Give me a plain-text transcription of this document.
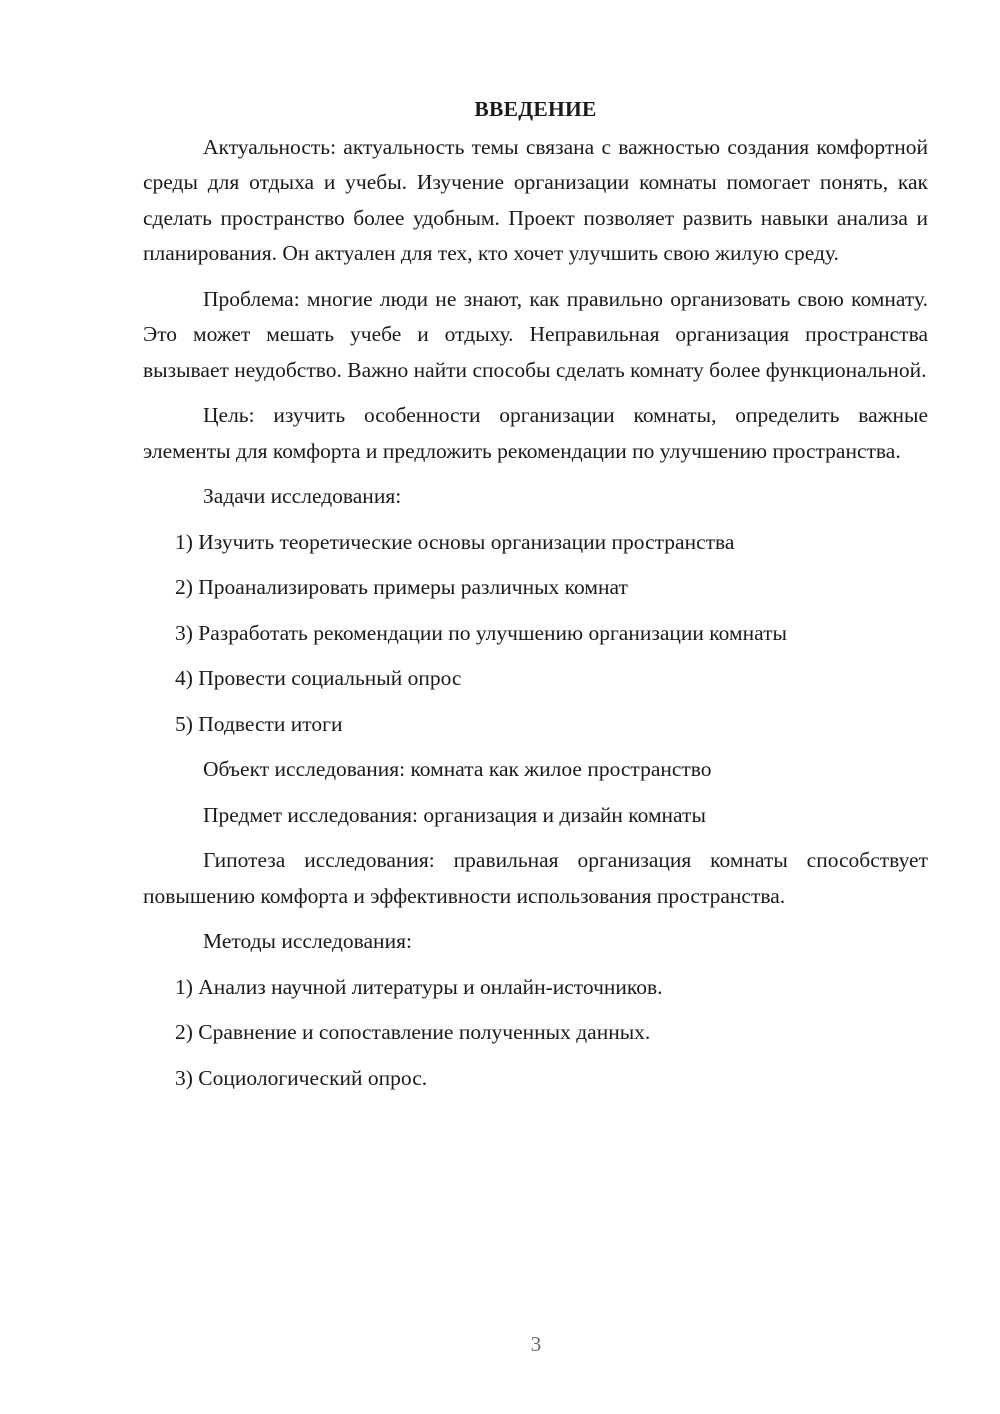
ВВЕДЕНИЕ

Актуальность: актуальность темы связана с важностью создания комфортной среды для отдыха и учебы. Изучение организации комнаты помогает понять, как сделать пространство более удобным. Проект позволяет развить навыки анализа и планирования. Он актуален для тех, кто хочет улучшить свою жилую среду.

Проблема: многие люди не знают, как правильно организовать свою комнату. Это может мешать учебе и отдыху. Неправильная организация пространства вызывает неудобство. Важно найти способы сделать комнату более функциональной.

Цель: изучить особенности организации комнаты, определить важные элементы для комфорта и предложить рекомендации по улучшению пространства.

Задачи исследования:
1) Изучить теоретические основы организации пространства
2) Проанализировать примеры различных комнат
3) Разработать рекомендации по улучшению организации комнаты
4) Провести социальный опрос
5) Подвести итоги
Объект исследования: комната как жилое пространство
Предмет исследования: организация и дизайн комнаты

Гипотеза исследования: правильная организация комнаты способствует повышению комфорта и эффективности использования пространства.

Методы исследования:
1) Анализ научной литературы и онлайн-источников.
2) Сравнение и сопоставление полученных данных.
3) Социологический опрос.
3
